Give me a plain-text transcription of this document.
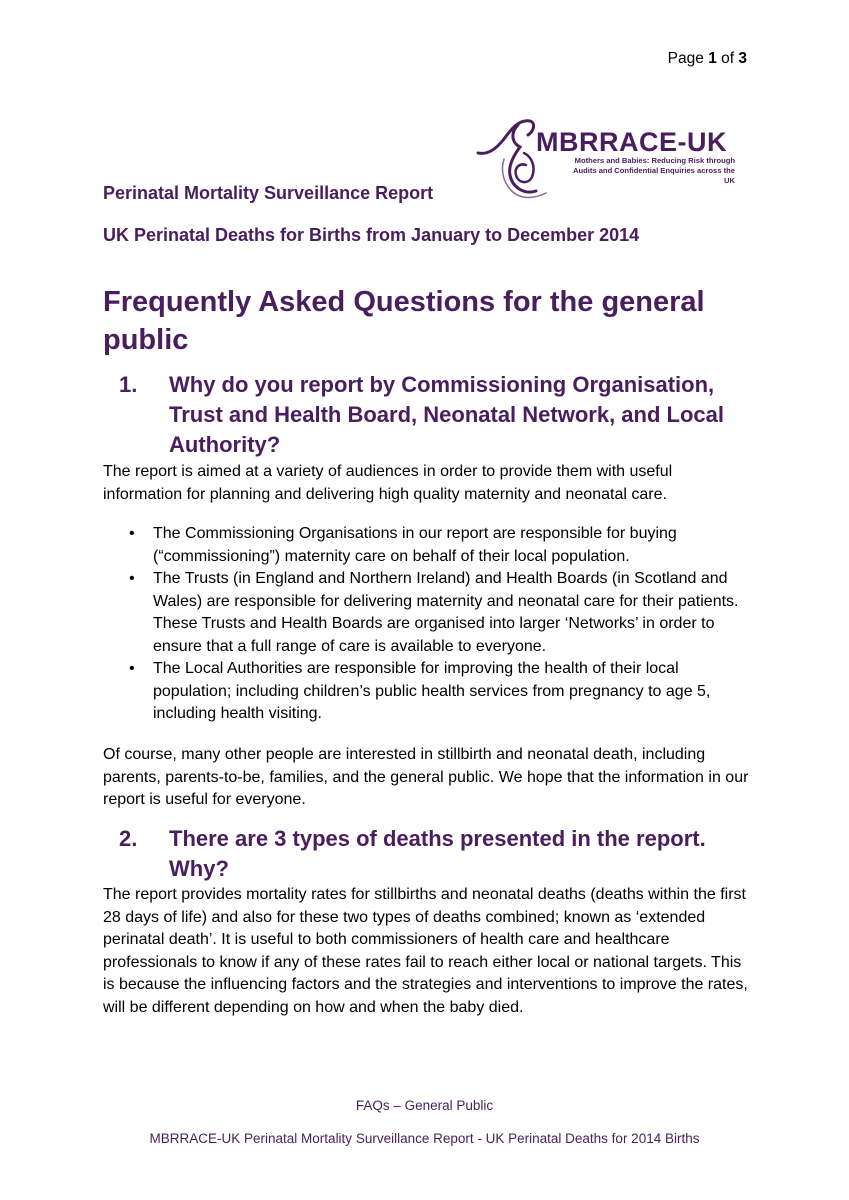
Page 1 of 3
MBRRACE-UK
Mothers and Babies: Reducing Risk through
Audits and Confidential Enquiries across the UK
Perinatal Mortality Surveillance Report
UK Perinatal Deaths for Births from January to December 2014
Frequently Asked Questions for the general public
1.	Why do you report by Commissioning Organisation, Trust and Health Board, Neonatal Network, and Local Authority?

The report is aimed at a variety of audiences in order to provide them with useful information for planning and delivering high quality maternity and neonatal care.

• The Commissioning Organisations in our report are responsible for buying (“commissioning”) maternity care on behalf of their local population.
• The Trusts (in England and Northern Ireland) and Health Boards (in Scotland and Wales) are responsible for delivering maternity and neonatal care for their patients. These Trusts and Health Boards are organised into larger ‘Networks’ in order to ensure that a full range of care is available to everyone.
• The Local Authorities are responsible for improving the health of their local population; including children’s public health services from pregnancy to age 5, including health visiting.

Of course, many other people are interested in stillbirth and neonatal death, including parents, parents-to-be, families, and the general public. We hope that the information in our report is useful for everyone.

2.	There are 3 types of deaths presented in the report. Why?

The report provides mortality rates for stillbirths and neonatal deaths (deaths within the first 28 days of life) and also for these two types of deaths combined; known as ‘extended perinatal death’. It is useful to both commissioners of health care and healthcare professionals to know if any of these rates fail to reach either local or national targets. This is because the influencing factors and the strategies and interventions to improve the rates, will be different depending on how and when the baby died.

FAQs – General Public
MBRRACE-UK Perinatal Mortality Surveillance Report - UK Perinatal Deaths for 2014 Births
